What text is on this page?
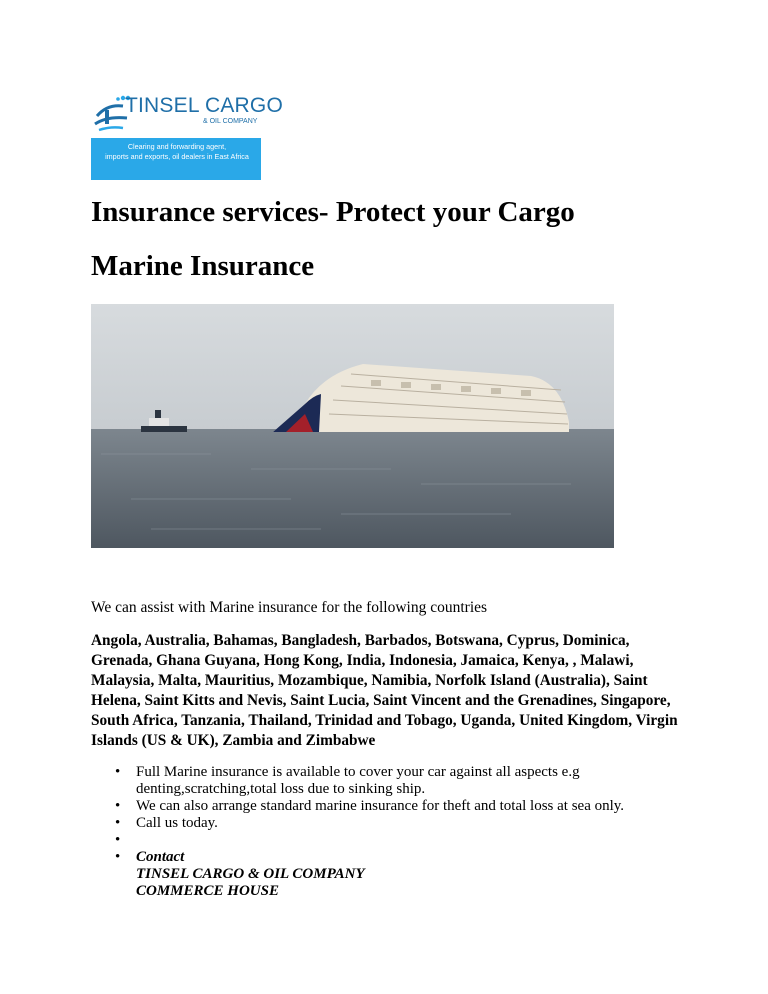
TINSEL CARGO
& OIL COMPANY
Clearing and forwarding agent,
imports and exports, oil dealers in East Africa
Insurance services- Protect your Cargo
Marine Insurance
We can assist with Marine insurance for the following countries
Angola, Australia, Bahamas, Bangladesh, Barbados, Botswana, Cyprus, Dominica,
Grenada, Ghana Guyana, Hong Kong, India, Indonesia, Jamaica, Kenya, , Malawi,
Malaysia, Malta, Mauritius, Mozambique, Namibia, Norfolk Island (Australia), Saint
Helena, Saint Kitts and Nevis, Saint Lucia, Saint Vincent and the Grenadines, Singapore,
South Africa, Tanzania, Thailand, Trinidad and Tobago, Uganda, United Kingdom, Virgin
Islands (US & UK), Zambia and Zimbabwe
• Full Marine insurance is available to cover your car against all aspects e.g
denting,scratching,total loss due to sinking ship.
• We can also arrange standard marine insurance for theft and total loss at sea only.
• Call us today.
•
• Contact
TINSEL CARGO & OIL COMPANY
COMMERCE HOUSE
